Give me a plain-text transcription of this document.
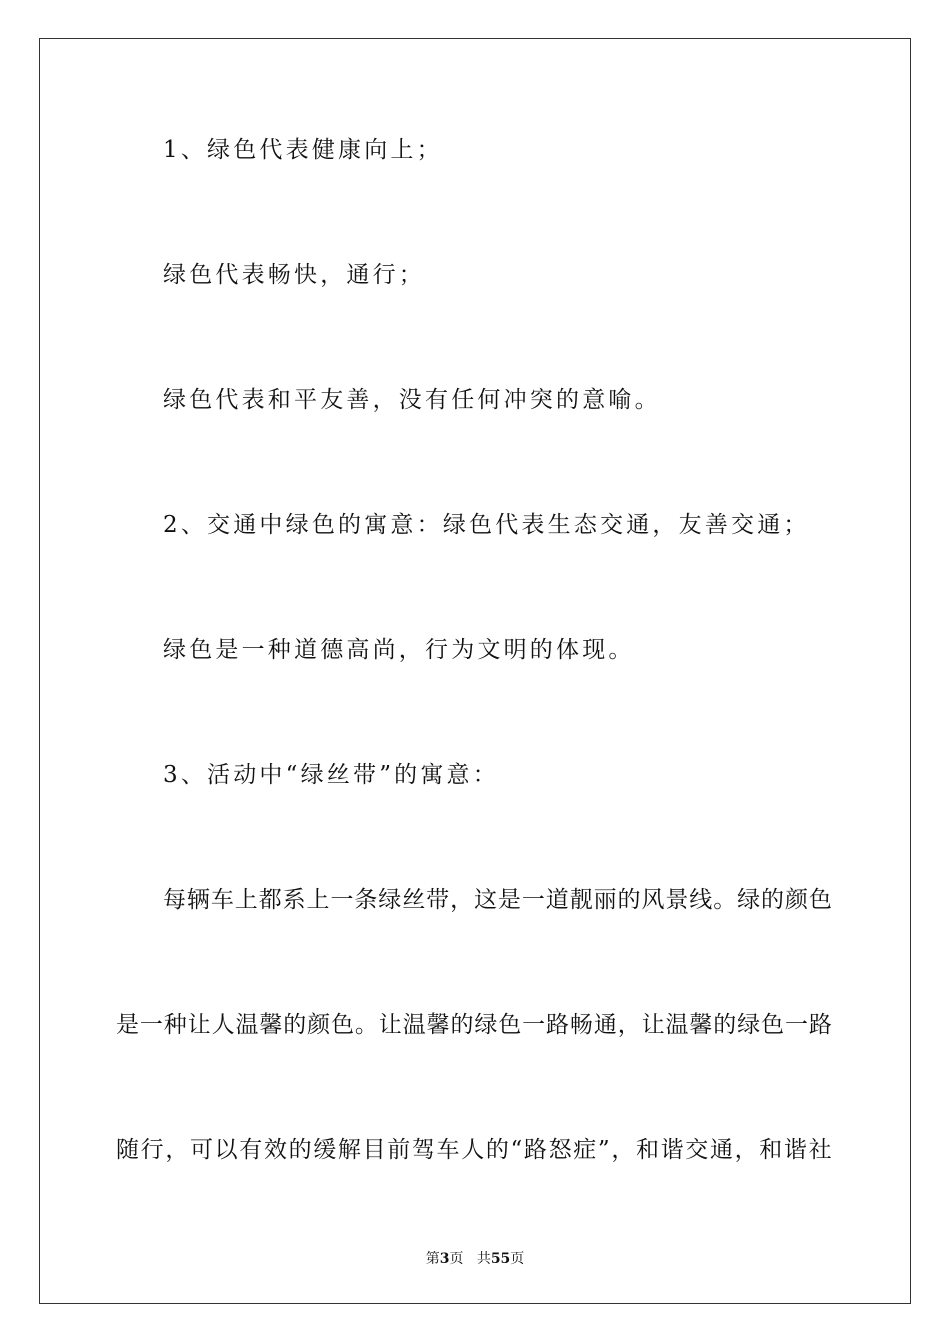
1、绿色代表健康向上；
绿色代表畅快，通行；
绿色代表和平友善，没有任何冲突的意喻。
2、交通中绿色的寓意：绿色代表生态交通，友善交通；
绿色是一种道德高尚，行为文明的体现。
3、活动中“绿丝带”的寓意：
每 辆 车 上 都 系 上 一 条 绿 丝 带 ， 这 是 一 道 靓 丽 的 风 景 线 。 绿 的 颜 色
是 一 种 让 人 温 馨 的 颜 色 。 让 温 馨 的 绿 色 一 路 畅 通 ， 让 温 馨 的 绿 色 一 路
随 行 ， 可 以 有 效 的 缓 解 目 前 驾 车 人 的 “ 路 怒 症 ” ， 和 谐 交 通 ， 和 谐 社
第3页 共55页
